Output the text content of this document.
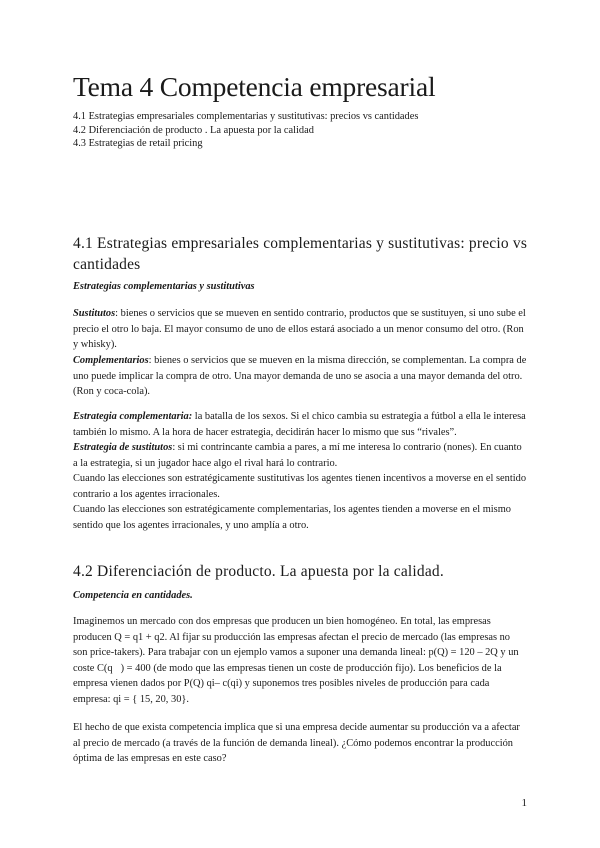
Tema 4 Competencia empresarial
4.1 Estrategias empresariales complementarias y sustitutivas: precios vs cantidades
4.2 Diferenciación de producto . La apuesta por la calidad
4.3 Estrategias de retail pricing
4.1 Estrategias empresariales complementarias y sustitutivas: precio vs cantidades
Estrategias complementarias y sustitutivas
Sustitutos: bienes o servicios que se mueven en sentido contrario, productos que se sustituyen, si uno sube el precio el otro lo baja. El mayor consumo de uno de ellos estará asociado a un menor consumo del otro. (Ron y whisky).
Complementarios: bienes o servicios que se mueven en la misma dirección, se complementan. La compra de uno puede implicar la compra de otro. Una mayor demanda de uno se asocia a una mayor demanda del otro. (Ron y coca-cola).
Estrategia complementaria: la batalla de los sexos. Si el chico cambia su estrategia a fútbol a ella le interesa también lo mismo. A la hora de hacer estrategia, decidirán hacer lo mismo que sus “rivales”.
Estrategia de sustitutos: si mi contrincante cambia a pares, a mí me interesa lo contrario (nones). En cuanto a la estrategia, si un jugador hace algo el rival hará lo contrario.
Cuando las elecciones son estratégicamente sustitutivas los agentes tienen incentivos a moverse en el sentido contrario a los agentes irracionales.
Cuando las elecciones son estratégicamente complementarias, los agentes tienden a moverse en el mismo sentido que los agentes irracionales, y uno amplía a otro.
4.2 Diferenciación de producto. La apuesta por la calidad.
Competencia en cantidades.
Imaginemos un mercado con dos empresas que producen un bien homogéneo. En total, las empresas producen Q = q1 + q2. Al fijar su producción las empresas afectan el precio de mercado (las empresas no son price-takers). Para trabajar con un ejemplo vamos a suponer una demanda lineal: p(Q) = 120 – 2Q y un coste C(q ) = 400 (de modo que las empresas tienen un coste de producción fijo). Los beneficios de la empresa vienen dados por P(Q) qi– c(qi) y suponemos tres posibles niveles de producción para cada empresa: qi = { 15, 20, 30}.
El hecho de que exista competencia implica que si una empresa decide aumentar su producción va a afectar al precio de mercado (a través de la función de demanda lineal). ¿Cómo podemos encontrar la producción óptima de las empresas en este caso?
1
